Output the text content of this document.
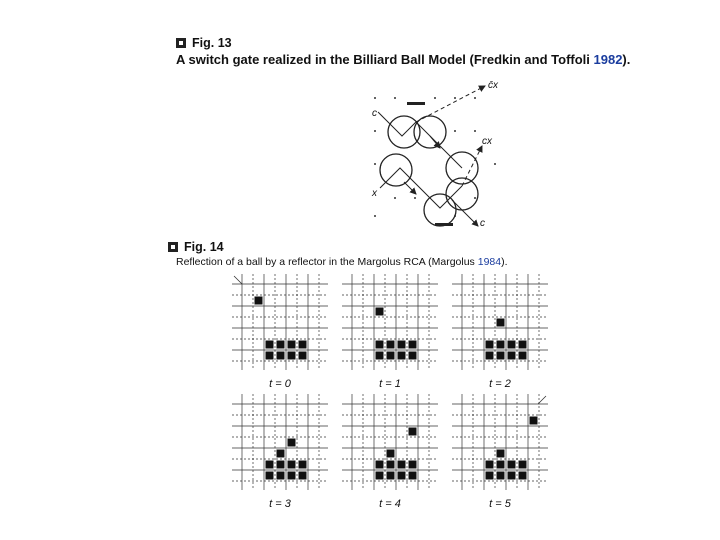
Fig. 13
A switch gate realized in the Billiard Ball Model (Fredkin and Toffoli 1982).
c
x
c̄x
cx
c
Fig. 14
Reflection of a ball by a reflector in the Margolus RCA (Margolus 1984).
t = 0	t = 1	t = 2
t = 3	t = 4	t = 5
